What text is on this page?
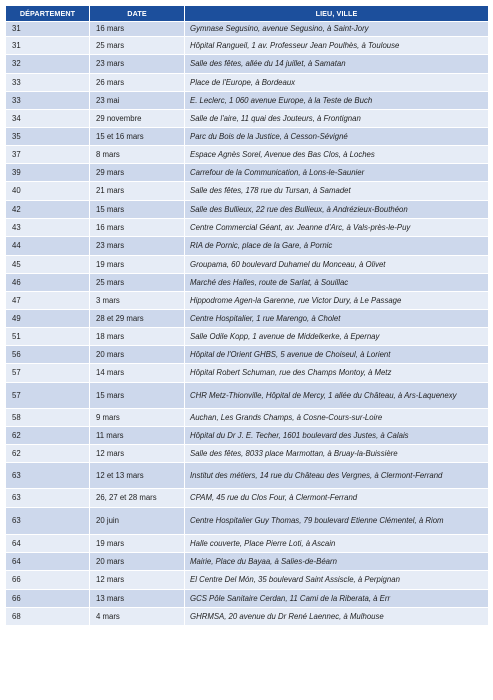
DÉPARTEMENT	DATE	LIEU, VILLE
31	16 mars	Gymnase Segusino, avenue Segusino, à Saint-Jory
31	25 mars	Hôpital Rangueil, 1 av. Professeur Jean Poulhès, à Toulouse
32	23 mars	Salle des fêtes, allée du 14 juillet, à Samatan
33	26 mars	Place de l'Europe, à Bordeaux
33	23 mai	E. Leclerc, 1 060 avenue Europe, à la Teste de Buch
34	29 novembre	Salle de l'aire, 11 quai des Jouteurs, à Frontignan
35	15 et 16 mars	Parc du Bois de la Justice, à Cesson-Sévigné
37	8 mars	Espace Agnès Sorel, Avenue des Bas Clos, à Loches
39	29 mars	Carrefour de la Communication, à Lons-le-Saunier
40	21 mars	Salle des fêtes, 178 rue du Tursan, à Samadet
42	15 mars	Salle des Bullieux, 22 rue des Bullieux, à Andrézieux-Bouthéon
43	16 mars	Centre Commercial Géant, av. Jeanne d'Arc, à Vals-près-le-Puy
44	23 mars	RIA de Pornic, place de la Gare, à Pornic
45	19 mars	Groupama, 60 boulevard Duhamel du Monceau, à Olivet
46	25 mars	Marché des Halles, route de Sarlat, à Souillac
47	3 mars	Hippodrome Agen-la Garenne, rue Victor Dury, à Le Passage
49	28 et 29 mars	Centre Hospitalier, 1 rue Marengo, à Cholet
51	18 mars	Salle Odile Kopp, 1 avenue de Middelkerke, à Epernay
56	20 mars	Hôpital de l'Orient GHBS, 5 avenue de Choiseul, à Lorient
57	14 mars	Hôpital Robert Schuman, rue des Champs Montoy, à Metz
57	15 mars	CHR Metz-Thionville, Hôpital de Mercy, 1 allée du Château, à Ars-Laquenexy
58	9 mars	Auchan, Les Grands Champs, à Cosne-Cours-sur-Loire
62	11 mars	Hôpital du Dr J. E. Techer, 1601 boulevard des Justes, à Calais
62	12 mars	Salle des fêtes, 8033 place Marmottan, à Bruay-la-Buissière
63	12 et 13 mars	Institut des métiers, 14 rue du Château des Vergnes, à Clermont-Ferrand
63	26, 27 et 28 mars	CPAM, 45 rue du Clos Four, à Clermont-Ferrand
63	20 juin	Centre Hospitalier Guy Thomas, 79 boulevard Etienne Clémentel, à Riom
64	19 mars	Halle couverte, Place Pierre Loti, à Ascain
64	20 mars	Mairie, Place du Bayaa, à Salies-de-Béarn
66	12 mars	El Centre Del Món, 35 boulevard Saint Assiscle, à Perpignan
66	13 mars	GCS Pôle Sanitaire Cerdan, 11 Cami de la Riberata, à Err
68	4 mars	GHRMSA, 20 avenue du Dr René Laennec, à Mulhouse
